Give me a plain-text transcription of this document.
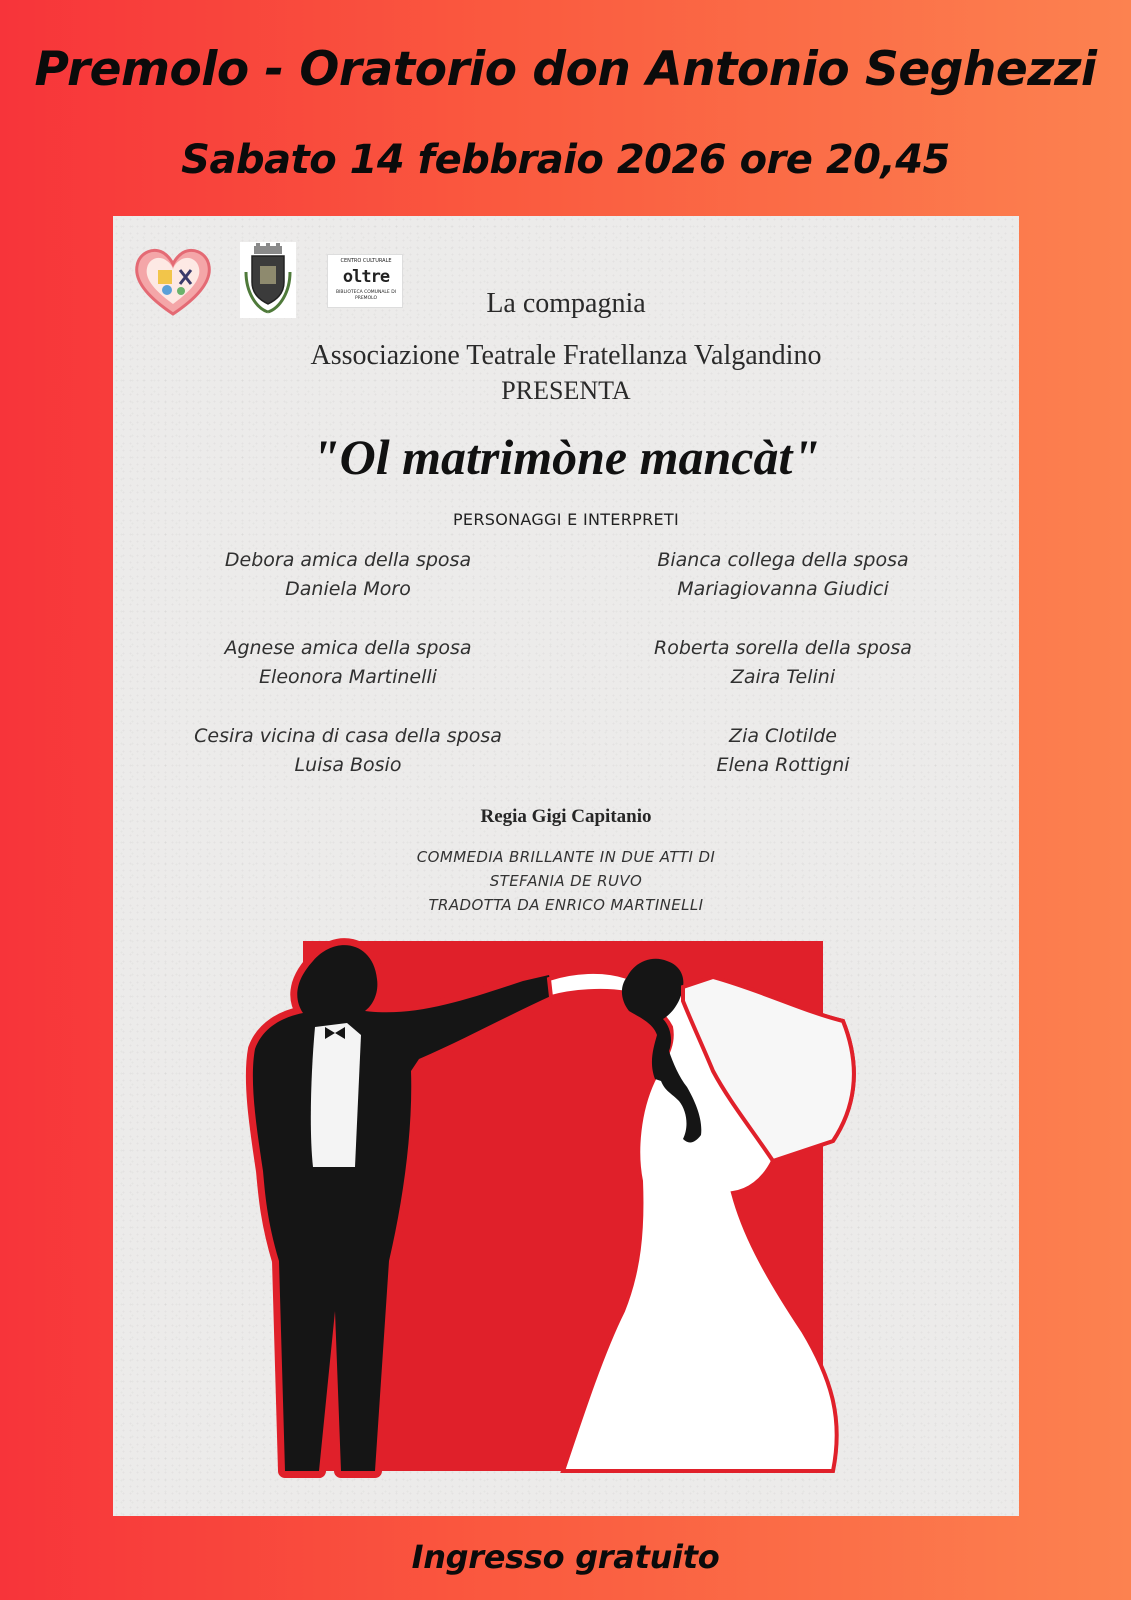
Premolo - Oratorio don Antonio Seghezzi
Sabato 14 febbraio 2026 ore 20,45
CENTRO CULTURALE
oltre
BIBLIOTECA COMUNALE DI PREMOLO	La compagnia

Associazione Teatrale Fratellanza Valgandino

PRESENTA

"Ol matrimòne mancàt"

PERSONAGGI E INTERPRETI

Debora amica della sposa
Daniela Moro
Agnese amica della sposa
Eleonora Martinelli
Cesira vicina di casa della sposa
Luisa Bosio
Bianca collega della sposa
Mariagiovanna Giudici
Roberta sorella della sposa
Zaira Telini
Zia Clotilde
Elena Rottigni

Regia Gigi Capitanio

COMMEDIA BRILLANTE IN DUE ATTI DI

STEFANIA DE RUVO

TRADOTTA DA ENRICO MARTINELLI

Ingresso gratuito
